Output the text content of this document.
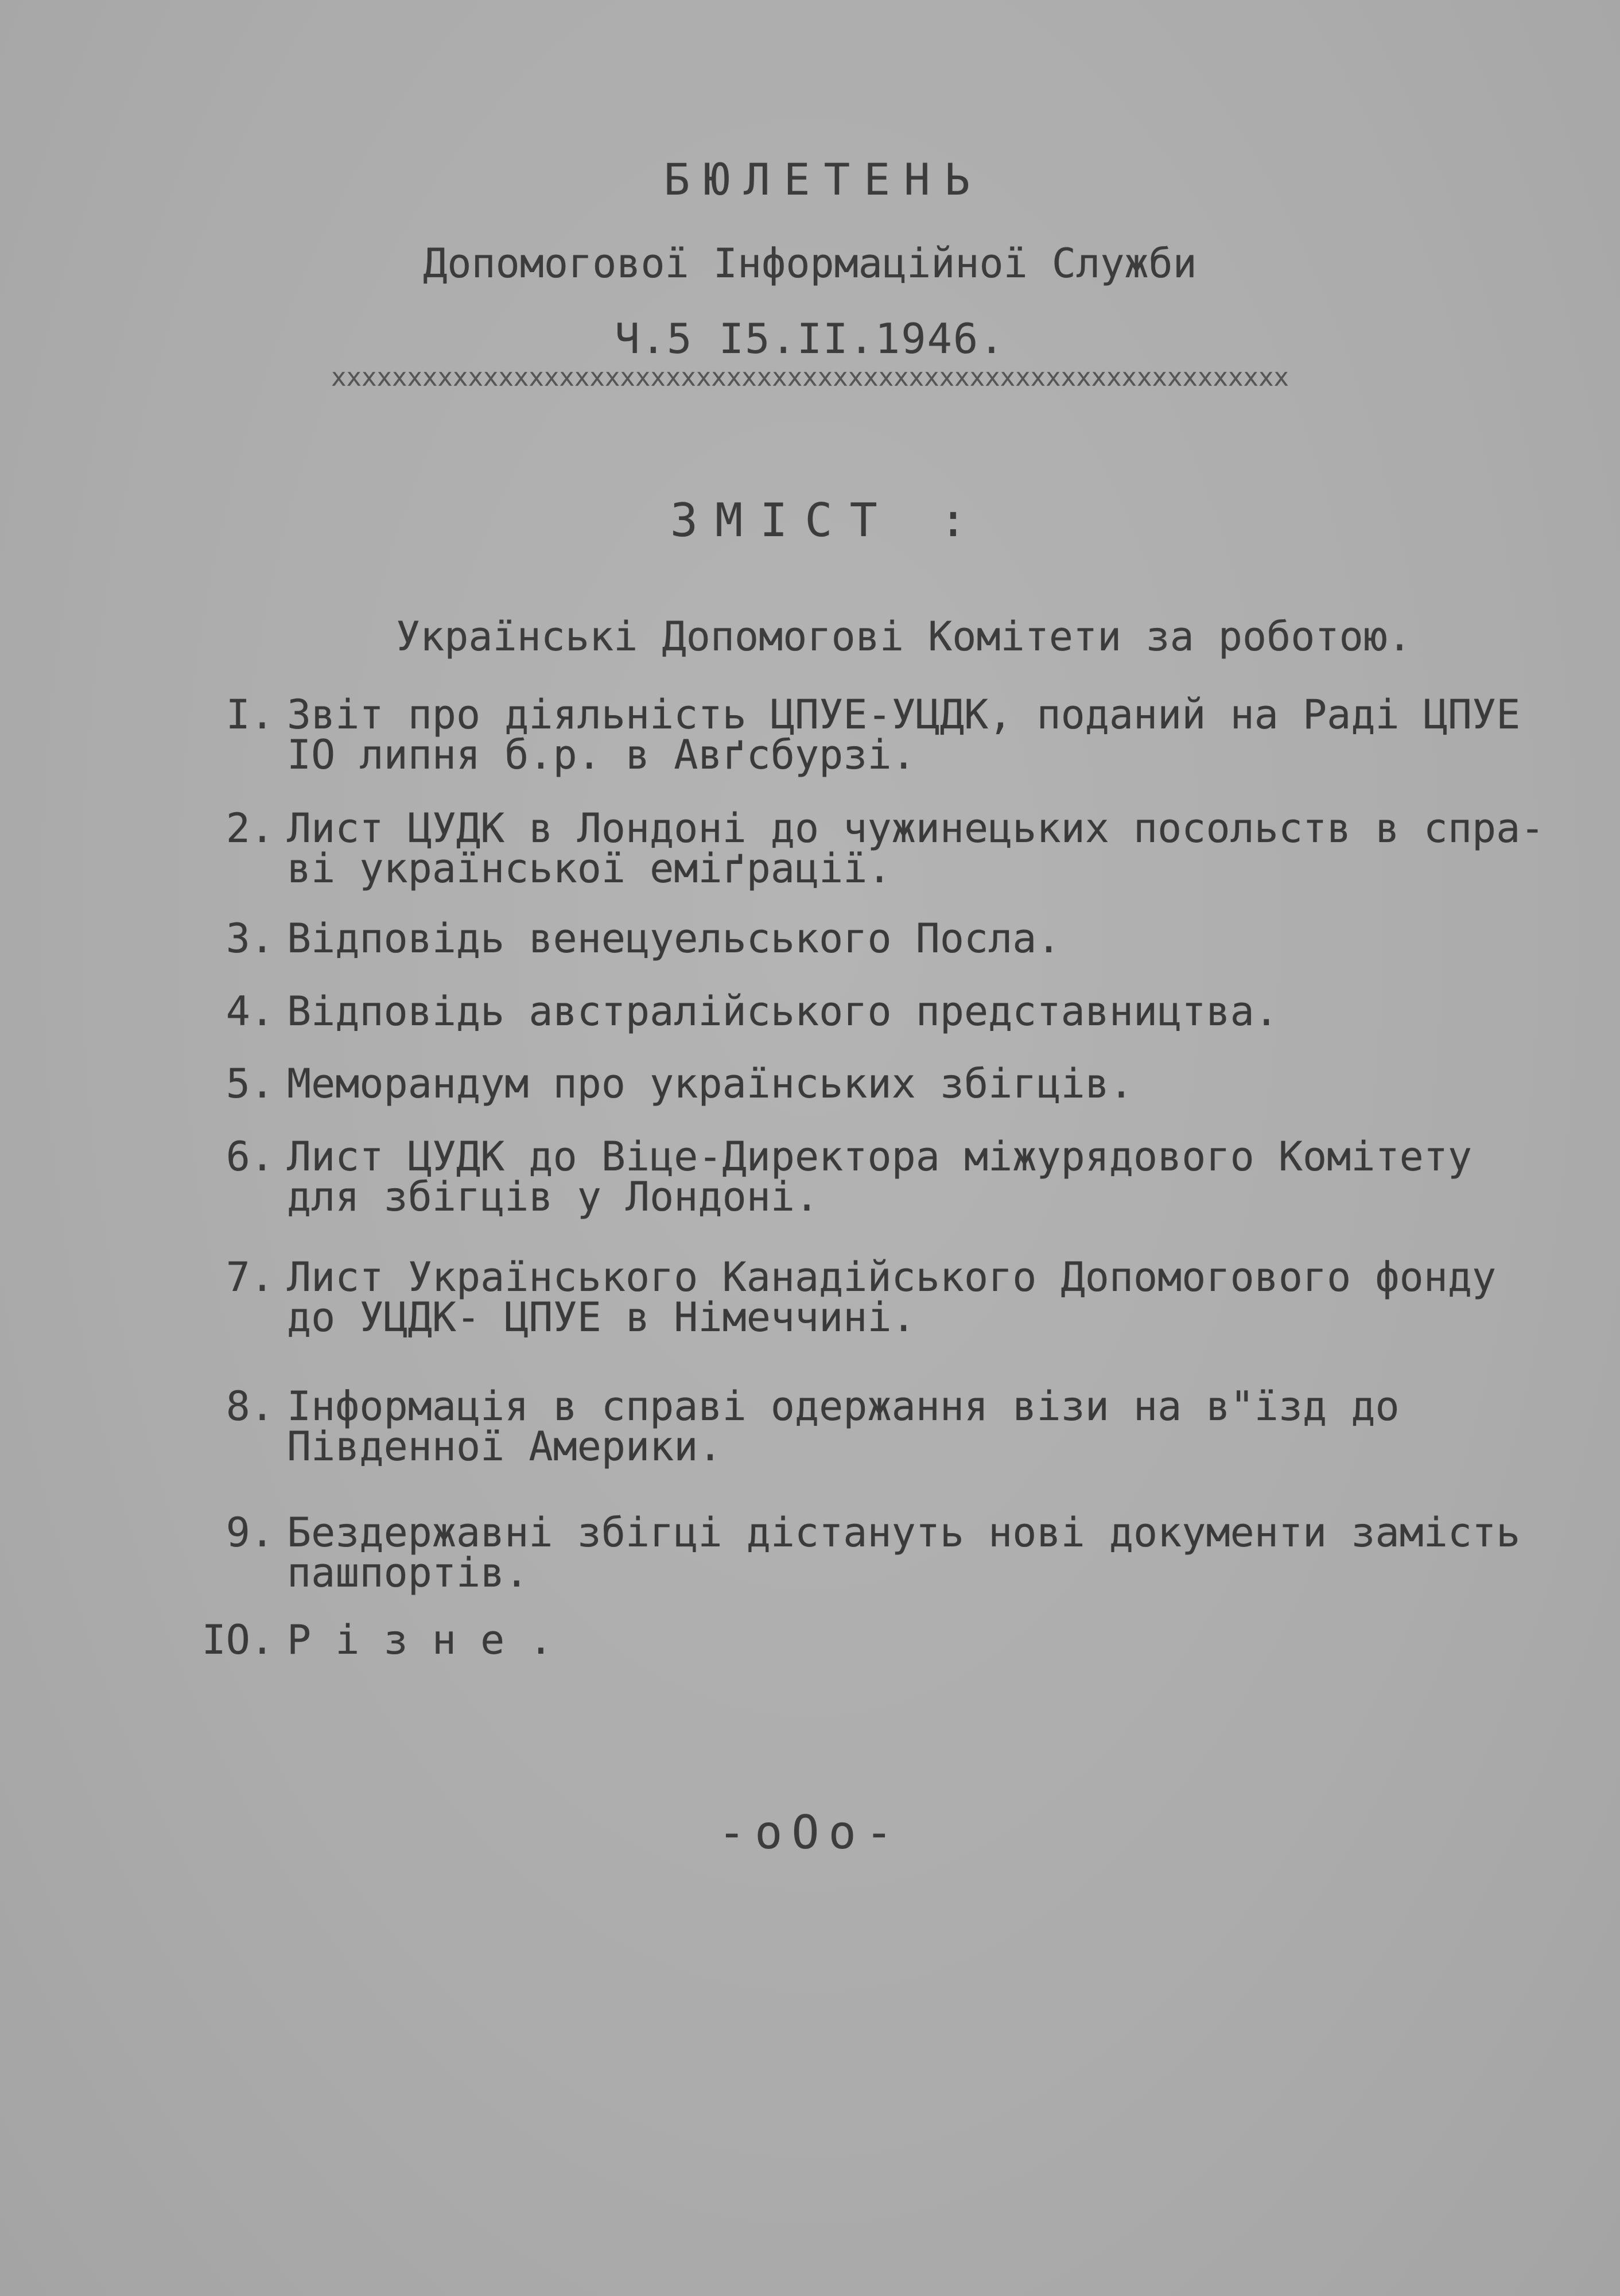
БЮЛЕТЕНЬ
Допомогової Інформаційної Служби
Ч.5 I5.II.1946.
xxxxxxxxxxxxxxxxxxxxxxxxxxxxxxxxxxxxxxxxxxxxxxxxxxxxxxxxxxxxxxx
ЗМІСТ :
Українські Допомогові Комітети за роботою.
I. Звіт про діяльність ЦПУЕ-УЦДК, поданий на Раді ЦПУЕ
IO липня б.р. в Авґсбурзі.
2. Лист ЦУДК в Лондоні до чужинецьких посольств в спра-
ві української еміґрації.
3. Відповідь венецуельського Посла.
4. Відповідь австралійського представництва.
5. Меморандум про українських збігців.
6. Лист ЦУДК до Віце-Директора міжурядового Комітету
для збігців у Лондоні.
7. Лист Українського Канадійського Допомогового фонду
до УЦДК- ЦПУЕ в Німеччині.
8. Інформація в справі одержання візи на в"їзд до
Південної Америки.
9. Бездержавні збігці дістануть нові документи замість
пашпортів.
IO. Р і з н е .
-оОо-
